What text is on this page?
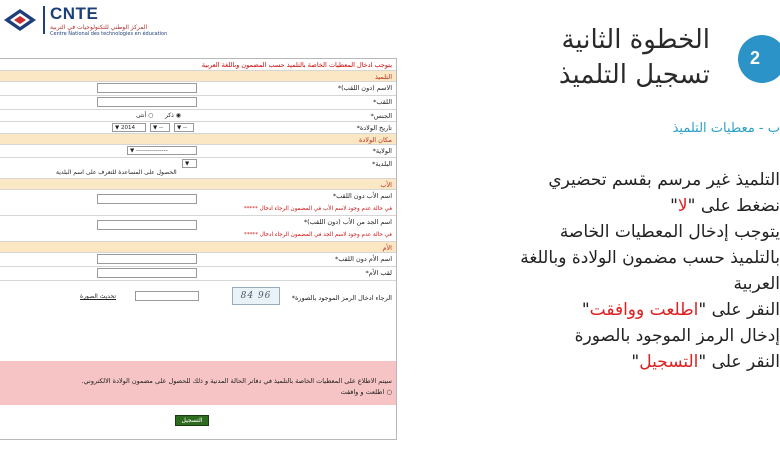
CNTE
المركز الوطني للتكنولوجيات في التربية
Centre National des technologies en éducation
يتوجب ادخال المعطيات الخاصة بالتلميذ حسب المضمون وباللغة العربية
التلميذ
الاسم (دون اللقب)*
اللقب*
الجنس*
◉ ذكر
○ أنثى
تاريخ الولادة*
▼ 2014	▼ --	▼ --
مكان الولادة
الولاية*
▼ ----------------
البلدية*
▼
الحصول على المساعدة للتعرف على اسم البلدية
الأب
اسم الأب دون اللقب*
في حالة عدم وجود لاسم الأب في المضمون الرجاء ادخال *****
اسم الجد من الأب (دون اللقب)*
في حالة عدم وجود لاسم الجد في المضمون الرجاء ادخال *****
الأم
اسم الأم دون اللقب*
لقب الأم*
الرجاء ادخال الرمز الموجود بالصورة*
96 84
تحديث الصورة
سيتم الاطلاع على المعطيات الخاصة بالتلميذ في دفاتر الحالة المدنية و ذلك للحصول على مضمون الولادة الالكتروني.
○ اطلعت و وافقت
التسجيل
2
الخطوة الثانية
تسجيل التلميذ
ب - معطيات التلميذ
التلميذ غير مرسم بقسم تحضيري
نضغط على "لا"
يتوجب إدخال المعطيات الخاصة
بالتلميذ حسب مضمون الولادة وباللغة
العربية
النقر على "اطلعت ووافقت"
إدخال الرمز الموجود بالصورة
النقر على "التسجيل"
